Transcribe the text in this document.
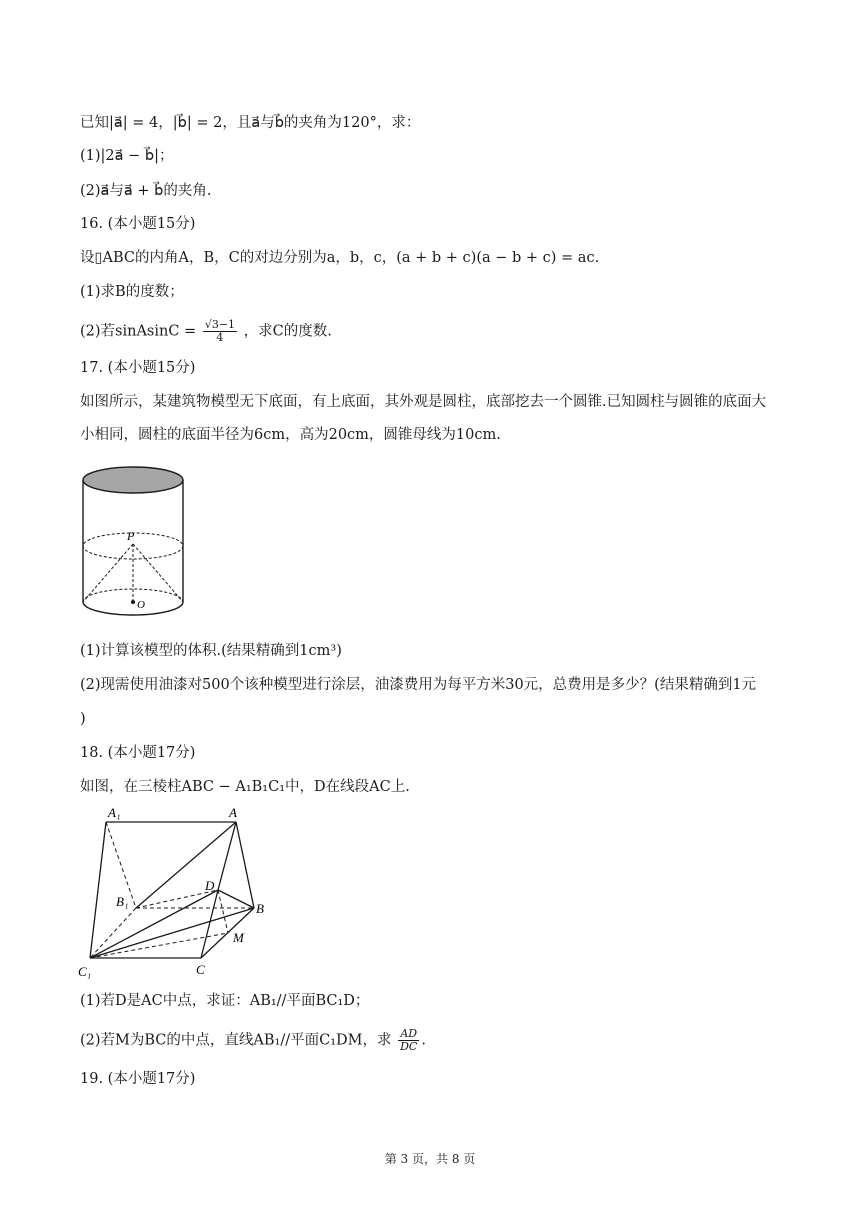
已知|a⃗| = 4，|b⃗| = 2，且a⃗与b⃗的夹角为120°，求：
(1)|2a⃗ − b⃗|；
(2)a⃗与a⃗ + b⃗的夹角.
16. (本小题15分)
设▯ABC的内角A，B，C的对边分别为a，b，c，(a + b + c)(a − b + c) = ac.
(1)求B的度数；
(2)若sinAsinC = $\frac{√3-1}{4}$ ，求C的度数.
17. (本小题15分)
如图所示，某建筑物模型无下底面，有上底面，其外观是圆柱，底部挖去一个圆锥.已知圆柱与圆锥的底面大小相同，圆柱的底面半径为6cm，高为20cm，圆锥母线为10cm.
P
O
(1)计算该模型的体积.(结果精确到1cm³)
(2)现需使用油漆对500个该种模型进行涂层，油漆费用为每平方米30元，总费用是多少？(结果精确到1元
)
18. (本小题17分)
如图，在三棱柱ABC − A₁B₁C₁中，D在线段AC上.
A₁	A
B₁
D
B
M
C₁	C
(1)若D是AC中点，求证：AB₁//平面BC₁D；
(2)若M为BC的中点，直线AB₁//平面C₁DM，求 $\frac{AD}{DC}$ .
19. (本小题17分)
第 3 页，共 8 页
